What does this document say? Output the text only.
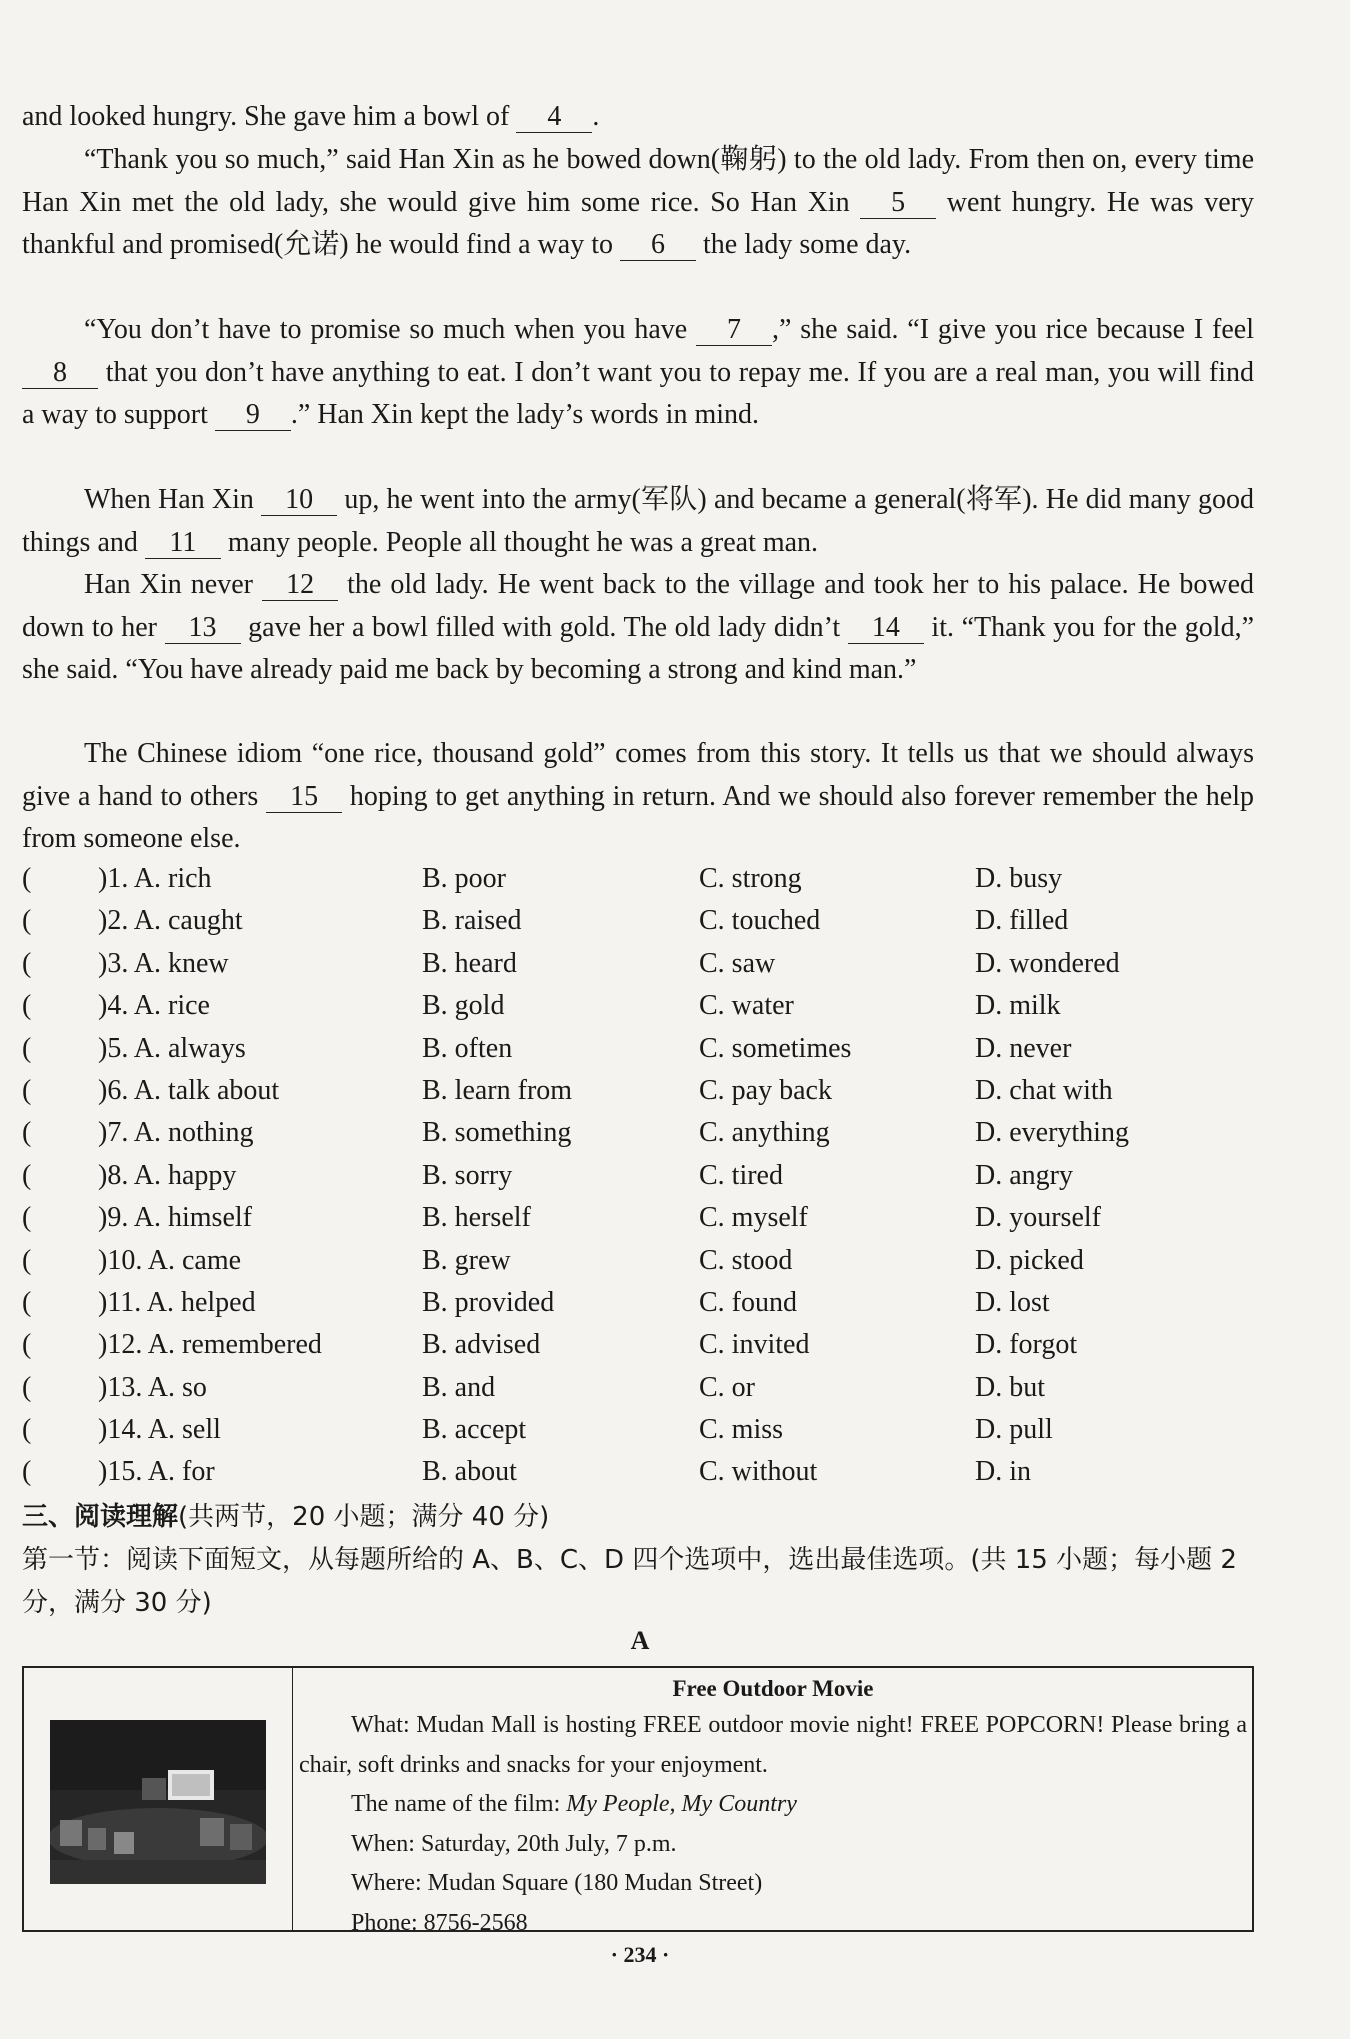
and looked hungry. She gave him a bowl of 4 .
“Thank you so much,” said Han Xin as he bowed down(鞠躬) to the old lady. From then on, every time Han Xin met the old lady, she would give him some rice. So Han Xin 5 went hungry. He was very thankful and promised(允诺) he would find a way to 6 the lady some day.
“You don’t have to promise so much when you have 7 ,” she said. “I give you rice because I feel 8 that you don’t have anything to eat. I don’t want you to repay me. If you are a real man, you will find a way to support 9 .” Han Xin kept the lady’s words in mind.
When Han Xin 10 up, he went into the army(军队) and became a general(将军). He did many good things and 11 many people. People all thought he was a great man.
Han Xin never 12 the old lady. He went back to the village and took her to his palace. He bowed down to her 13 gave her a bowl filled with gold. The old lady didn’t 14 it. “Thank you for the gold,” she said. “You have already paid me back by becoming a strong and kind man.”
The Chinese idiom “one rice, thousand gold” comes from this story. It tells us that we should always give a hand to others 15 hoping to get anything in return. And we should also forever remember the help from someone else.
( )1. A. rich	B. poor	C. strong	D. busy
( )2. A. caught	B. raised	C. touched	D. filled
( )3. A. knew	B. heard	C. saw	D. wondered
( )4. A. rice	B. gold	C. water	D. milk
( )5. A. always	B. often	C. sometimes	D. never
( )6. A. talk about	B. learn from	C. pay back	D. chat with
( )7. A. nothing	B. something	C. anything	D. everything
( )8. A. happy	B. sorry	C. tired	D. angry
( )9. A. himself	B. herself	C. myself	D. yourself
( )10. A. came	B. grew	C. stood	D. picked
( )11. A. helped	B. provided	C. found	D. lost
( )12. A. remembered	B. advised	C. invited	D. forgot
( )13. A. so	B. and	C. or	D. but
( )14. A. sell	B. accept	C. miss	D. pull
( )15. A. for	B. about	C. without	D. in
三、阅读理解(共两节，20 小题；满分 40 分)
第一节：阅读下面短文，从每题所给的 A、B、C、D 四个选项中，选出最佳选项。(共 15 小题；每小题 2 分，满分 30 分)
A
Free Outdoor Movie
What: Mudan Mall is hosting FREE outdoor movie night! FREE POPCORN! Please bring a chair, soft drinks and snacks for your enjoyment.
The name of the film: My People, My Country
When: Saturday, 20th July, 7 p.m.
Where: Mudan Square (180 Mudan Street)
Phone: 8756-2568
· 234 ·
